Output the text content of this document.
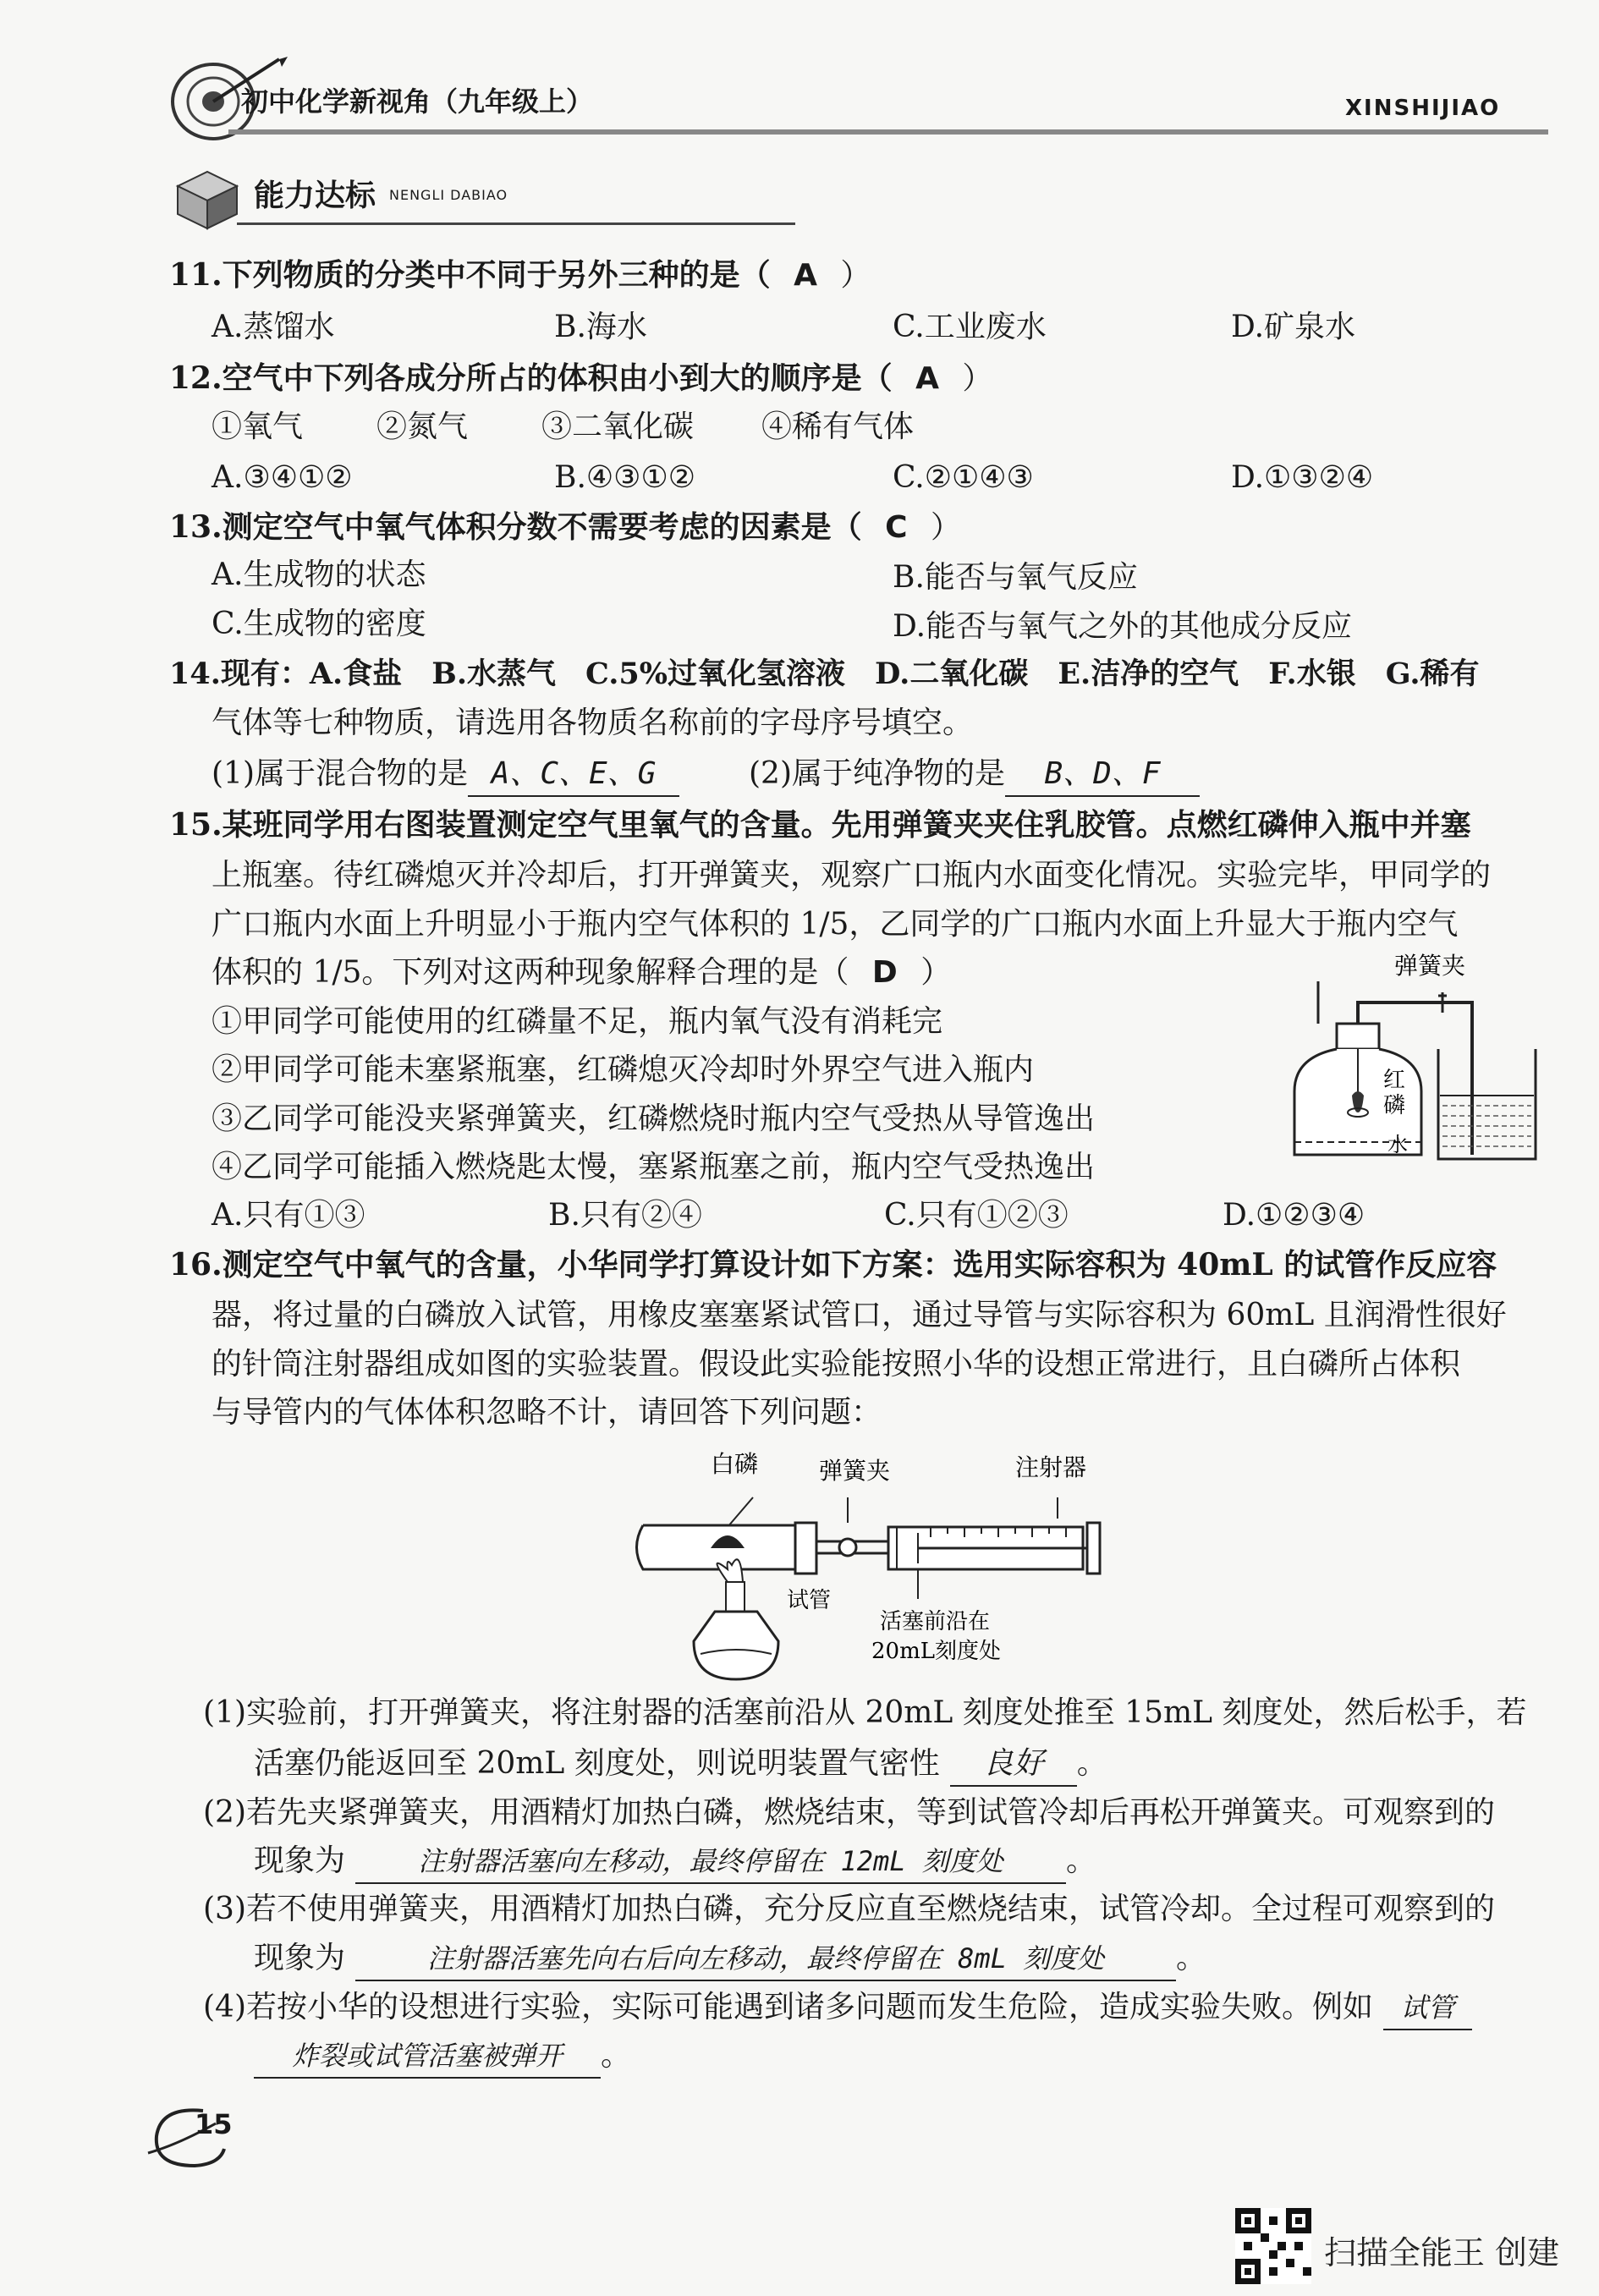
初中化学新视角（九年级上）	XINSHIJIAO
能力达标 NENGLI DABIAO
11.下列物质的分类中不同于另外三种的是（ A ）
A.蒸馏水	B.海水	C.工业废水	D.矿泉水
12.空气中下列各成分所占的体积由小到大的顺序是（ A ）
①氧气 ②氮气 ③二氧化碳 ④稀有气体
A.③④①②	B.④③①②	C.②①④③	D.①③②④
13.测定空气中氧气体积分数不需要考虑的因素是（ C ）
A.生成物的状态	B.能否与氧气反应
C.生成物的密度	D.能否与氧气之外的其他成分反应
14.现有：A.食盐　B.水蒸气　C.5%过氧化氢溶液　D.二氧化碳　E.洁净的空气　F.水银　G.稀有
气体等七种物质，请选用各物质名称前的字母序号填空。
(1)属于混合物的是 A、C、E、G	(2)属于纯净物的是 B、D、F
15.某班同学用右图装置测定空气里氧气的含量。先用弹簧夹夹住乳胶管。点燃红磷伸入瓶中并塞
上瓶塞。待红磷熄灭并冷却后，打开弹簧夹，观察广口瓶内水面变化情况。实验完毕，甲同学的
广口瓶内水面上升明显小于瓶内空气体积的 1/5，乙同学的广口瓶内水面上升显大于瓶内空气
体积的 1/5。下列对这两种现象解释合理的是（ D ）
①甲同学可能使用的红磷量不足，瓶内氧气没有消耗完
②甲同学可能未塞紧瓶塞，红磷熄灭冷却时外界空气进入瓶内
③乙同学可能没夹紧弹簧夹，红磷燃烧时瓶内空气受热从导管逸出
④乙同学可能插入燃烧匙太慢，塞紧瓶塞之前，瓶内空气受热逸出
A.只有①③	B.只有②④	C.只有①②③	D.①②③④
弹簧夹
红
磷
水
16.测定空气中氧气的含量，小华同学打算设计如下方案：选用实际容积为 40mL 的试管作反应容
器，将过量的白磷放入试管，用橡皮塞塞紧试管口，通过导管与实际容积为 60mL 且润滑性很好
的针筒注射器组成如图的实验装置。假设此实验能按照小华的设想正常进行，且白磷所占体积
与导管内的气体体积忽略不计，请回答下列问题：
白磷	弹簧夹	注射器
试管
活塞前沿在
20mL刻度处
(1)实验前，打开弹簧夹，将注射器的活塞前沿从 20mL 刻度处推至 15mL 刻度处，然后松手，若
活塞仍能返回至 20mL 刻度处，则说明装置气密性 良好 。
(2)若先夹紧弹簧夹，用酒精灯加热白磷，燃烧结束，等到试管冷却后再松开弹簧夹。可观察到的
现象为	注射器活塞向左移动，最终停留在 12mL 刻度处 。
(3)若不使用弹簧夹，用酒精灯加热白磷，充分反应直至燃烧结束，试管冷却。全过程可观察到的
现象为	注射器活塞先向右后向左移动，最终停留在 8mL 刻度处 。
(4)若按小华的设想进行实验，实际可能遇到诸多问题而发生危险，造成实验失败。例如 试管
炸裂或试管活塞被弹开 。
15
扫描全能王 创建
